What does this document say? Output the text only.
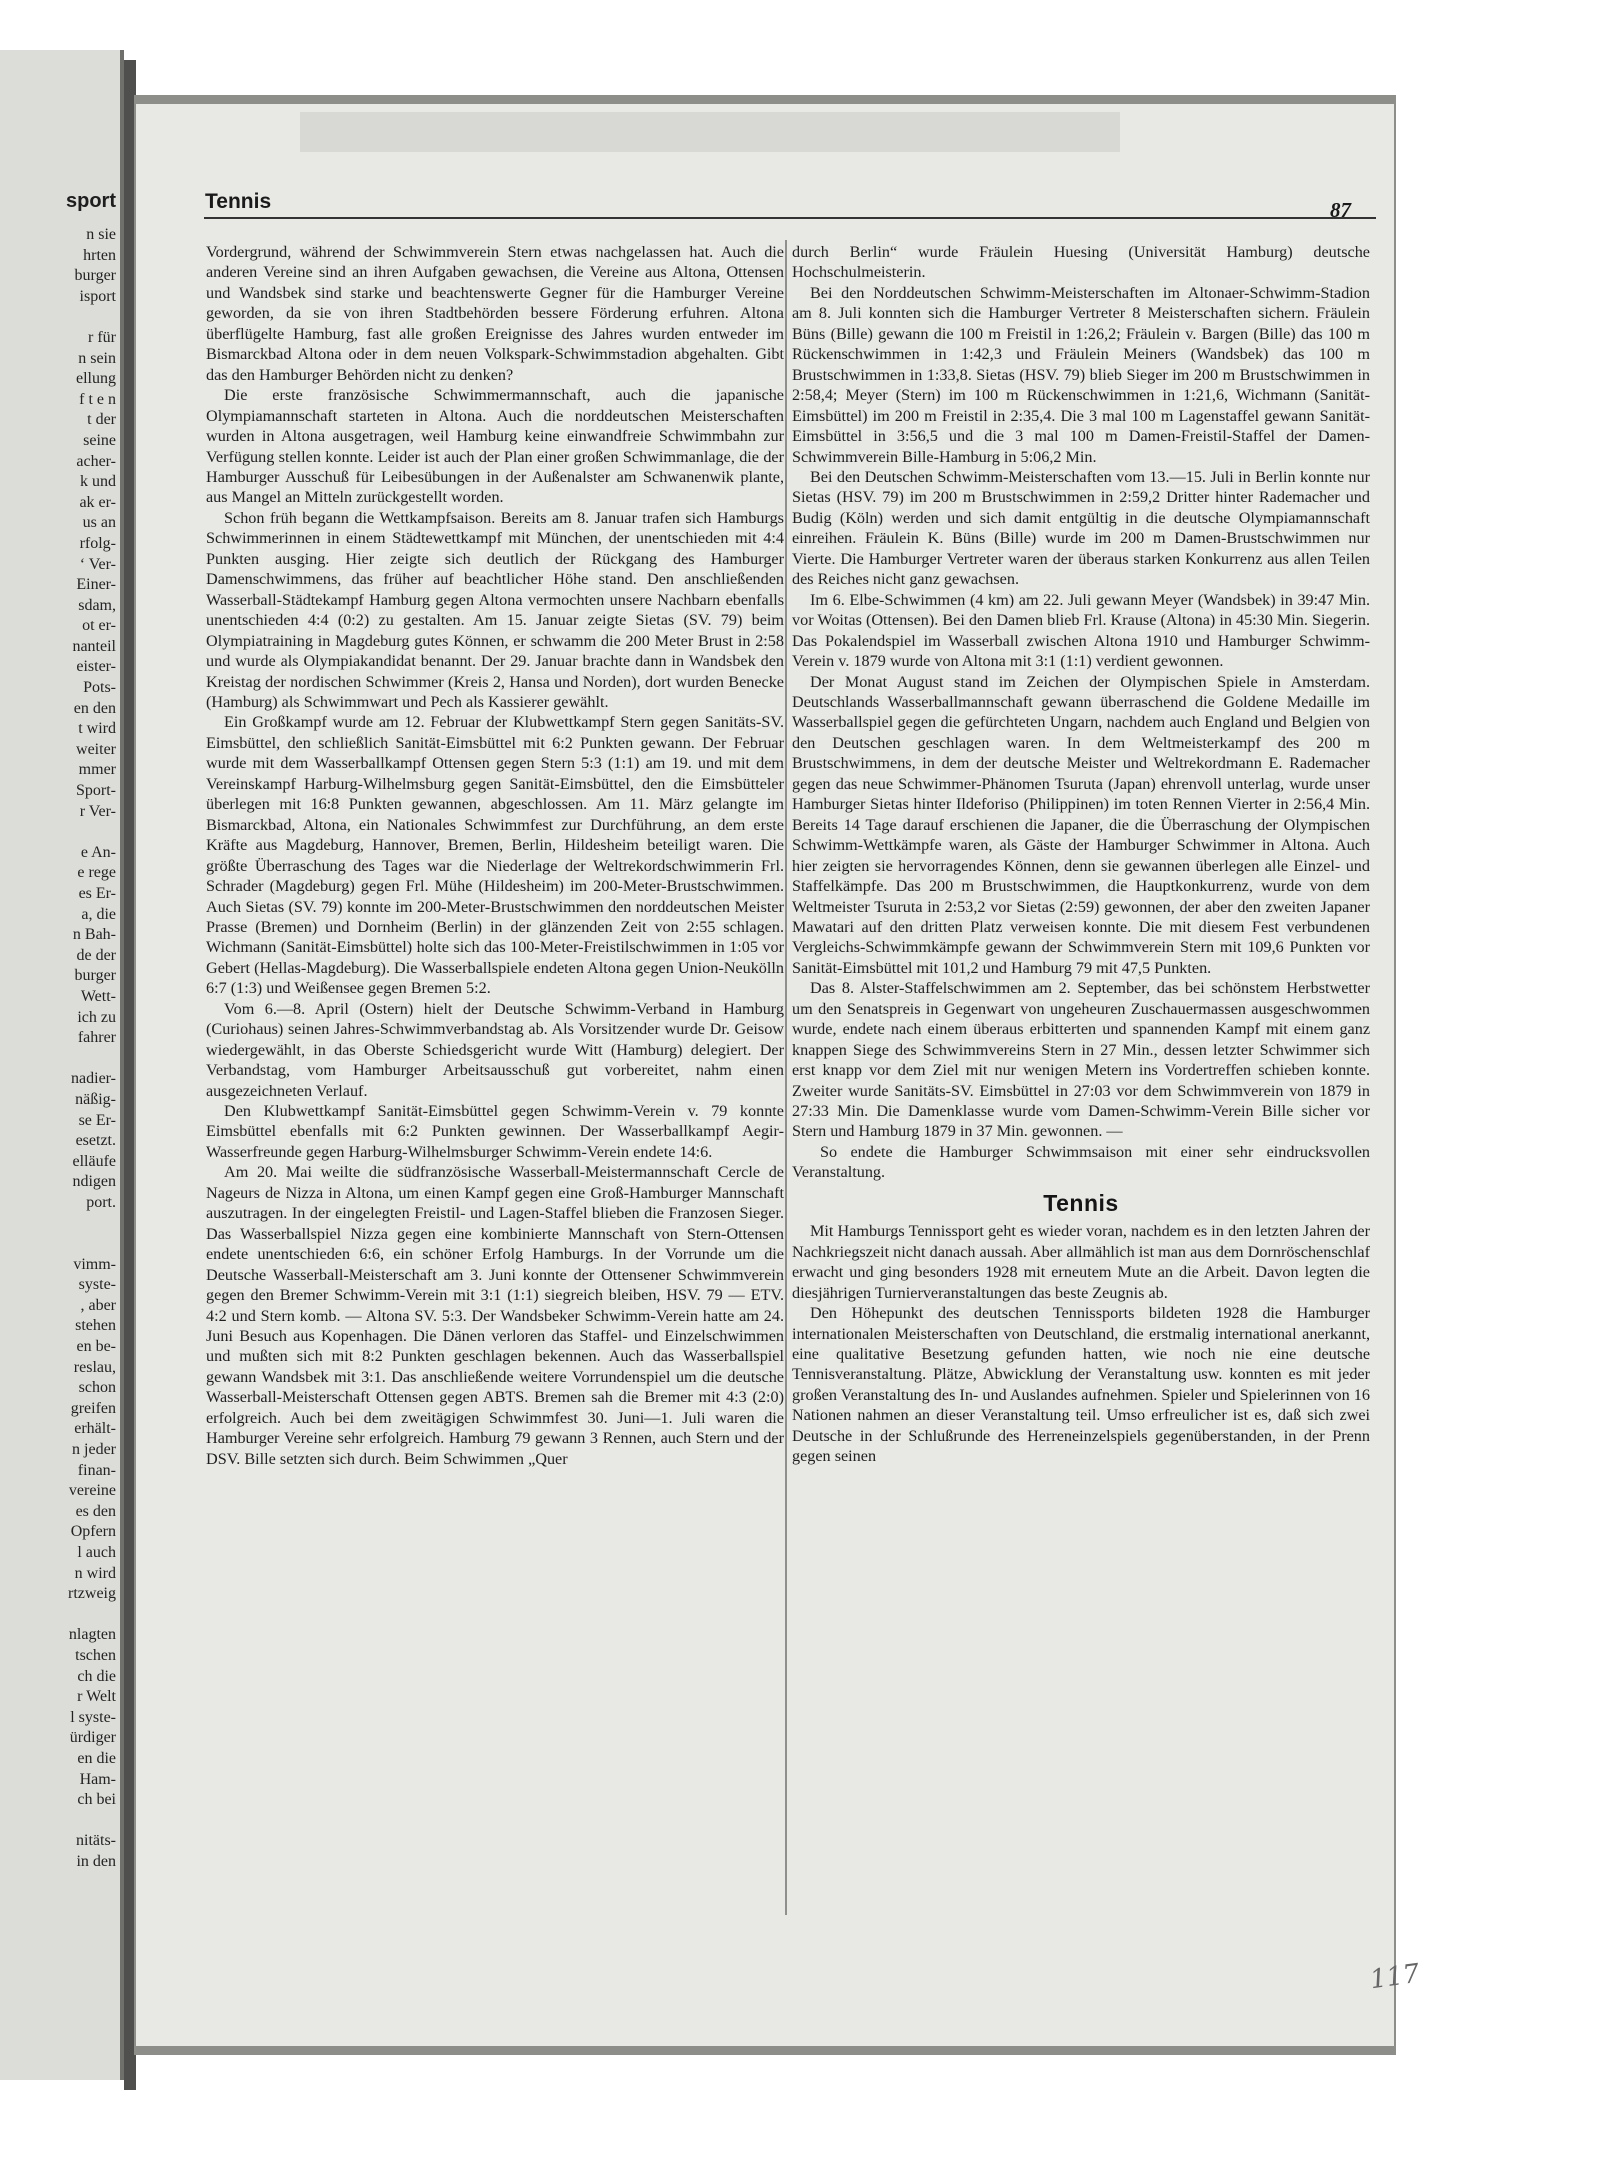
sport
n sie
hrten
burger
isport
r für
n sein
ellung
f t e n
t der
seine
acher-
k und
ak er-
us an
rfolg-
‘ Ver-
Einer-
sdam,
ot er-
nanteil
eister-
Pots-
en den
t wird
weiter
mmer
Sport-
r Ver-
e An-
e rege
es Er-
a, die
n Bah-
de der
burger
Wett-
ich zu
fahrer
nadier-
näßig-
se Er-
esetzt.
elläufe
ndigen
port.
vimm-
syste-
, aber
stehen
en be-
reslau,
schon
greifen
erhält-
n jeder
finan-
vereine
es den
Opfern
l auch
n wird
rtzweig
nlagten
tschen
ch die
r Welt
l syste-
ürdiger
en die
Ham-
ch bei
nitäts-
in den
Tennis	87

Vordergrund, während der Schwimmverein Stern etwas nachgelassen hat. Auch die anderen Vereine sind an ihren Aufgaben gewachsen, die Vereine aus Altona, Ottensen und Wandsbek sind starke und beachtenswerte Gegner für die Hamburger Vereine geworden, da sie von ihren Stadtbehörden bessere Förderung erfuhren. Altona überflügelte Hamburg, fast alle großen Ereignisse des Jahres wurden entweder im Bismarckbad Altona oder in dem neuen Volkspark-Schwimmstadion abgehalten. Gibt das den Hamburger Behörden nicht zu denken?

Die erste französische Schwimmermannschaft, auch die japanische Olympiamannschaft starteten in Altona. Auch die norddeutschen Meisterschaften wurden in Altona ausgetragen, weil Hamburg keine einwandfreie Schwimmbahn zur Verfügung stellen konnte. Leider ist auch der Plan einer großen Schwimmanlage, die der Hamburger Ausschuß für Leibesübungen in der Außenalster am Schwanenwik plante, aus Mangel an Mitteln zurückgestellt worden.

Schon früh begann die Wettkampfsaison. Bereits am 8. Januar trafen sich Hamburgs Schwimmerinnen in einem Städtewettkampf mit München, der unentschieden mit 4:4 Punkten ausging. Hier zeigte sich deutlich der Rückgang des Hamburger Damenschwimmens, das früher auf beachtlicher Höhe stand. Den anschließenden Wasserball-Städtekampf Hamburg gegen Altona vermochten unsere Nachbarn ebenfalls unentschieden 4:4 (0:2) zu gestalten. Am 15. Januar zeigte Sietas (SV. 79) beim Olympiatraining in Magdeburg gutes Können, er schwamm die 200 Meter Brust in 2:58 und wurde als Olympiakandidat benannt. Der 29. Januar brachte dann in Wandsbek den Kreistag der nordischen Schwimmer (Kreis 2, Hansa und Norden), dort wurden Benecke (Hamburg) als Schwimmwart und Pech als Kassierer gewählt.

Ein Großkampf wurde am 12. Februar der Klubwettkampf Stern gegen Sanitäts-SV. Eimsbüttel, den schließlich Sanität-Eimsbüttel mit 6:2 Punkten gewann. Der Februar wurde mit dem Wasserballkampf Ottensen gegen Stern 5:3 (1:1) am 19. und mit dem Vereinskampf Harburg-Wilhelmsburg gegen Sanität-Eimsbüttel, den die Eimsbütteler überlegen mit 16:8 Punkten gewannen, abgeschlossen. Am 11. März gelangte im Bismarckbad, Altona, ein Nationales Schwimmfest zur Durchführung, an dem erste Kräfte aus Magdeburg, Hannover, Bremen, Berlin, Hildesheim beteiligt waren. Die größte Überraschung des Tages war die Niederlage der Weltrekordschwimmerin Frl. Schrader (Magdeburg) gegen Frl. Mühe (Hildesheim) im 200-Meter-Brustschwimmen. Auch Sietas (SV. 79) konnte im 200-Meter-Brustschwimmen den norddeutschen Meister Prasse (Bremen) und Dornheim (Berlin) in der glänzenden Zeit von 2:55 schlagen. Wichmann (Sanität-Eimsbüttel) holte sich das 100-Meter-Freistilschwimmen in 1:05 vor Gebert (Hellas-Magdeburg). Die Wasserballspiele endeten Altona gegen Union-Neukölln 6:7 (1:3) und Weißensee gegen Bremen 5:2.

Vom 6.—8. April (Ostern) hielt der Deutsche Schwimm-Verband in Hamburg (Curiohaus) seinen Jahres-Schwimmverbandstag ab. Als Vorsitzender wurde Dr. Geisow wiedergewählt, in das Oberste Schiedsgericht wurde Witt (Hamburg) delegiert. Der Verbandstag, vom Hamburger Arbeitsausschuß gut vorbereitet, nahm einen ausgezeichneten Verlauf.

Den Klubwettkampf Sanität-Eimsbüttel gegen Schwimm-Verein v. 79 konnte Eimsbüttel ebenfalls mit 6:2 Punkten gewinnen. Der Wasserballkampf Aegir-Wasserfreunde gegen Harburg-Wilhelmsburger Schwimm-Verein endete 14:6.

Am 20. Mai weilte die südfranzösische Wasserball-Meistermannschaft Cercle de Nageurs de Nizza in Altona, um einen Kampf gegen eine Groß-Hamburger Mannschaft auszutragen. In der eingelegten Freistil- und Lagen-Staffel blieben die Franzosen Sieger. Das Wasserballspiel Nizza gegen eine kombinierte Mannschaft von Stern-Ottensen endete unentschieden 6:6, ein schöner Erfolg Hamburgs. In der Vorrunde um die Deutsche Wasserball-Meisterschaft am 3. Juni konnte der Ottensener Schwimmverein gegen den Bremer Schwimm-Verein mit 3:1 (1:1) siegreich bleiben, HSV. 79 — ETV. 4:2 und Stern komb. — Altona SV. 5:3. Der Wandsbeker Schwimm-Verein hatte am 24. Juni Besuch aus Kopenhagen. Die Dänen verloren das Staffel- und Einzelschwimmen und mußten sich mit 8:2 Punkten geschlagen bekennen. Auch das Wasserballspiel gewann Wandsbek mit 3:1. Das anschließende weitere Vorrundenspiel um die deutsche Wasserball-Meisterschaft Ottensen gegen ABTS. Bremen sah die Bremer mit 4:3 (2:0) erfolgreich. Auch bei dem zweitägigen Schwimmfest 30. Juni—1. Juli waren die Hamburger Vereine sehr erfolgreich. Hamburg 79 gewann 3 Rennen, auch Stern und der DSV. Bille setzten sich durch. Beim Schwimmen „Quer

durch Berlin“ wurde Fräulein Huesing (Universität Hamburg) deutsche Hochschulmeisterin.

Bei den Norddeutschen Schwimm-Meisterschaften im Altonaer-Schwimm-Stadion am 8. Juli konnten sich die Hamburger Vertreter 8 Meisterschaften sichern. Fräulein Büns (Bille) gewann die 100 m Freistil in 1:26,2; Fräulein v. Bargen (Bille) das 100 m Rückenschwimmen in 1:42,3 und Fräulein Meiners (Wandsbek) das 100 m Brustschwimmen in 1:33,8. Sietas (HSV. 79) blieb Sieger im 200 m Brustschwimmen in 2:58,4; Meyer (Stern) im 100 m Rückenschwimmen in 1:21,6, Wichmann (Sanität-Eimsbüttel) im 200 m Freistil in 2:35,4. Die 3 mal 100 m Lagenstaffel gewann Sanität-Eimsbüttel in 3:56,5 und die 3 mal 100 m Damen-Freistil-Staffel der Damen-Schwimmverein Bille-Hamburg in 5:06,2 Min.

Bei den Deutschen Schwimm-Meisterschaften vom 13.—15. Juli in Berlin konnte nur Sietas (HSV. 79) im 200 m Brustschwimmen in 2:59,2 Dritter hinter Rademacher und Budig (Köln) werden und sich damit entgültig in die deutsche Olympiamannschaft einreihen. Fräulein K. Büns (Bille) wurde im 200 m Damen-Brustschwimmen nur Vierte. Die Hamburger Vertreter waren der überaus starken Konkurrenz aus allen Teilen des Reiches nicht ganz gewachsen.

Im 6. Elbe-Schwimmen (4 km) am 22. Juli gewann Meyer (Wandsbek) in 39:47 Min. vor Woitas (Ottensen). Bei den Damen blieb Frl. Krause (Altona) in 45:30 Min. Siegerin. Das Pokalendspiel im Wasserball zwischen Altona 1910 und Hamburger Schwimm-Verein v. 1879 wurde von Altona mit 3:1 (1:1) verdient gewonnen.

Der Monat August stand im Zeichen der Olympischen Spiele in Amsterdam. Deutschlands Wasserballmannschaft gewann überraschend die Goldene Medaille im Wasserballspiel gegen die gefürchteten Ungarn, nachdem auch England und Belgien von den Deutschen geschlagen waren. In dem Weltmeisterkampf des 200 m Brustschwimmens, in dem der deutsche Meister und Weltrekordmann E. Rademacher gegen das neue Schwimmer-Phänomen Tsuruta (Japan) ehrenvoll unterlag, wurde unser Hamburger Sietas hinter Ildeforiso (Philippinen) im toten Rennen Vierter in 2:56,4 Min. Bereits 14 Tage darauf erschienen die Japaner, die die Überraschung der Olympischen Schwimm-Wettkämpfe waren, als Gäste der Hamburger Schwimmer in Altona. Auch hier zeigten sie hervorragendes Können, denn sie gewannen überlegen alle Einzel- und Staffelkämpfe. Das 200 m Brustschwimmen, die Hauptkonkurrenz, wurde von dem Weltmeister Tsuruta in 2:53,2 vor Sietas (2:59) gewonnen, der aber den zweiten Japaner Mawatari auf den dritten Platz verweisen konnte. Die mit diesem Fest verbundenen Vergleichs-Schwimmkämpfe gewann der Schwimmverein Stern mit 109,6 Punkten vor Sanität-Eimsbüttel mit 101,2 und Hamburg 79 mit 47,5 Punkten.

Das 8. Alster-Staffelschwimmen am 2. September, das bei schönstem Herbstwetter um den Senatspreis in Gegenwart von ungeheuren Zuschauermassen ausgeschwommen wurde, endete nach einem überaus erbitterten und spannenden Kampf mit einem ganz knappen Siege des Schwimmvereins Stern in 27 Min., dessen letzter Schwimmer sich erst knapp vor dem Ziel mit nur wenigen Metern ins Vordertreffen schieben konnte. Zweiter wurde Sanitäts-SV. Eimsbüttel in 27:03 vor dem Schwimmverein von 1879 in 27:33 Min. Die Damenklasse wurde vom Damen-Schwimm-Verein Bille sicher vor Stern und Hamburg 1879 in 37 Min. gewonnen. —

So endete die Hamburger Schwimmsaison mit einer sehr eindrucksvollen Veranstaltung.

Tennis

Mit Hamburgs Tennissport geht es wieder voran, nachdem es in den letzten Jahren der Nachkriegszeit nicht danach aussah. Aber allmählich ist man aus dem Dornröschenschlaf erwacht und ging besonders 1928 mit erneutem Mute an die Arbeit. Davon legten die diesjährigen Turnierveranstaltungen das beste Zeugnis ab.

Den Höhepunkt des deutschen Tennissports bildeten 1928 die Hamburger internationalen Meisterschaften von Deutschland, die erstmalig international anerkannt, eine qualitative Besetzung gefunden hatten, wie noch nie eine deutsche Tennisveranstaltung. Plätze, Abwicklung der Veranstaltung usw. konnten es mit jeder großen Veranstaltung des In- und Auslandes aufnehmen. Spieler und Spielerinnen von 16 Nationen nahmen an dieser Veranstaltung teil. Umso erfreulicher ist es, daß sich zwei Deutsche in der Schlußrunde des Herreneinzelspiels gegenüberstanden, in der Prenn gegen seinen

117
